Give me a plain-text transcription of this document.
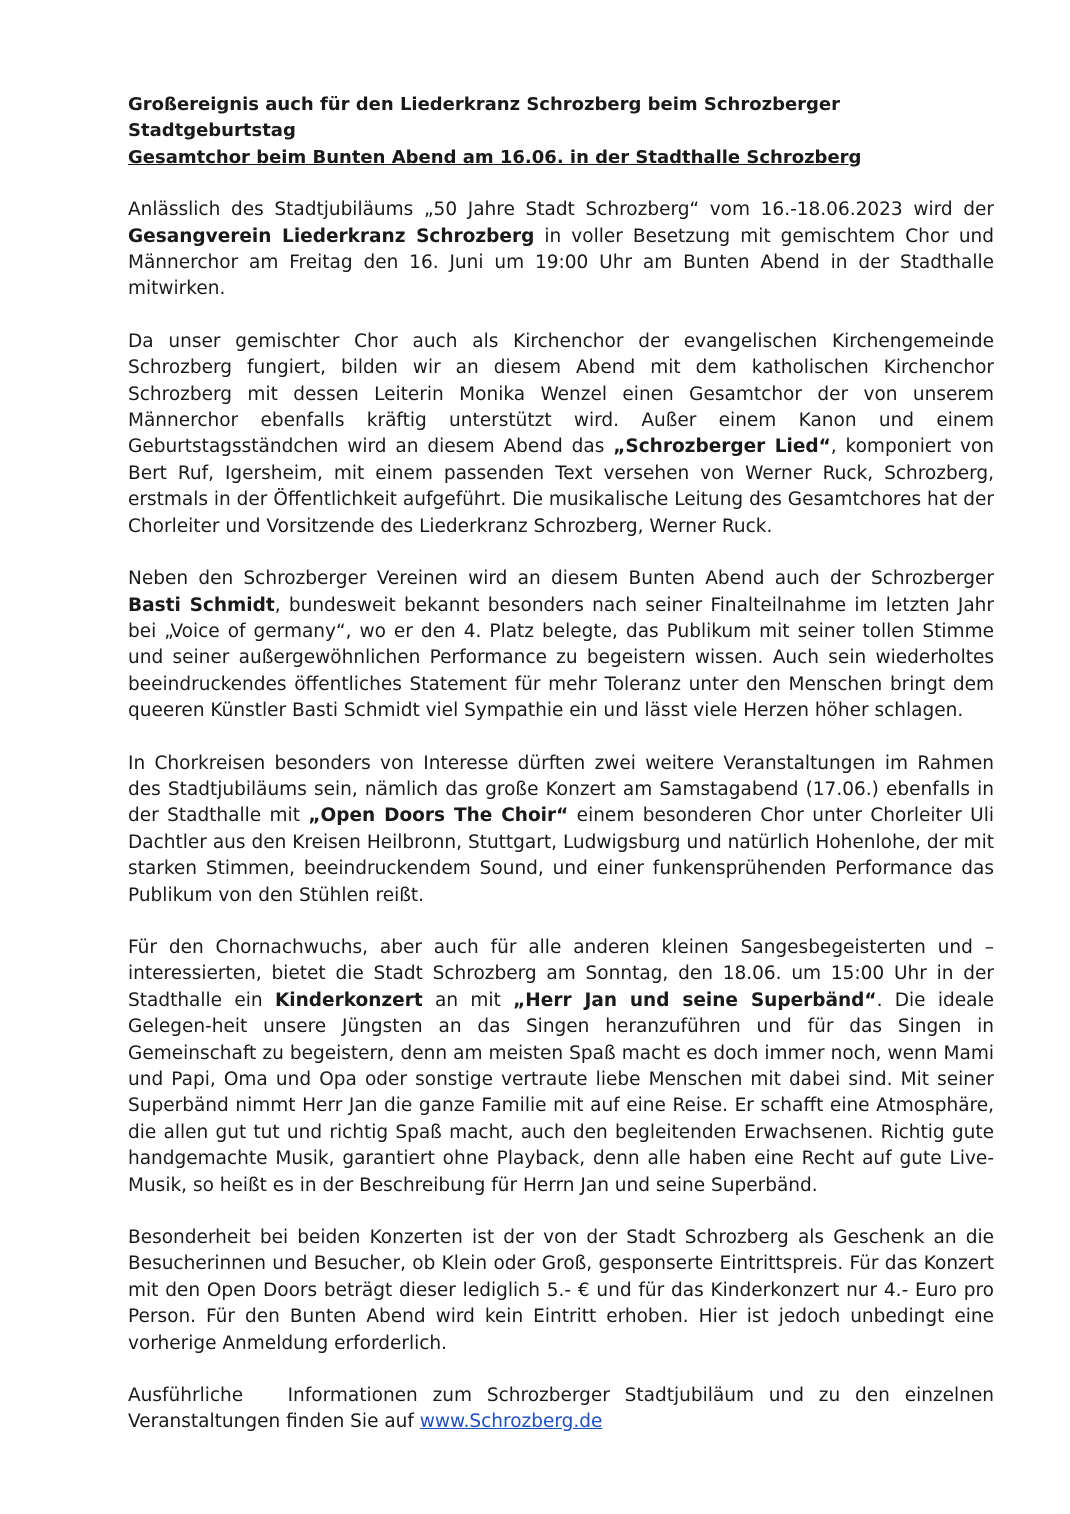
Großereignis auch für den Liederkranz Schrozberg beim Schrozberger Stadtgeburtstag

Gesamtchor beim Bunten Abend am 16.06. in der Stadthalle Schrozberg

Anlässlich des Stadtjubiläums „50 Jahre Stadt Schrozberg“ vom 16.-18.06.2023 wird der Gesangverein Liederkranz Schrozberg in voller Besetzung mit gemischtem Chor und Männerchor am Freitag den 16. Juni um 19:00 Uhr am Bunten Abend in der Stadthalle mitwirken.

Da unser gemischter Chor auch als Kirchenchor der evangelischen Kirchengemeinde Schrozberg fungiert, bilden wir an diesem Abend mit dem katholischen Kirchenchor Schrozberg mit dessen Leiterin Monika Wenzel einen Gesamtchor der von unserem Männerchor ebenfalls kräftig unterstützt wird. Außer einem Kanon und einem Geburtstagsständchen wird an diesem Abend das „Schrozberger Lied“, komponiert von Bert Ruf, Igersheim, mit einem passenden Text versehen von Werner Ruck, Schrozberg, erstmals in der Öffentlichkeit aufgeführt. Die musikalische Leitung des Gesamtchores hat der Chorleiter und Vorsitzende des Liederkranz Schrozberg, Werner Ruck.

Neben den Schrozberger Vereinen wird an diesem Bunten Abend auch der Schrozberger Basti Schmidt, bundesweit bekannt besonders nach seiner Finalteilnahme im letzten Jahr bei „Voice of germany“, wo er den 4. Platz belegte, das Publikum mit seiner tollen Stimme und seiner außergewöhnlichen Performance zu begeistern wissen. Auch sein wiederholtes beeindruckendes öffentliches Statement für mehr Toleranz unter den Menschen bringt dem queeren Künstler Basti Schmidt viel Sympathie ein und lässt viele Herzen höher schlagen.

In Chorkreisen besonders von Interesse dürften zwei weitere Veranstaltungen im Rahmen des Stadtjubiläums sein, nämlich das große Konzert am Samstagabend (17.06.) ebenfalls in der Stadthalle mit „Open Doors The Choir“ einem besonderen Chor unter Chorleiter Uli Dachtler aus den Kreisen Heilbronn, Stuttgart, Ludwigsburg und natürlich Hohenlohe, der mit starken Stimmen, beeindruckendem Sound, und einer funkensprühenden Performance das Publikum von den Stühlen reißt.

Für den Chornachwuchs, aber auch für alle anderen kleinen Sangesbegeisterten und –interessierten, bietet die Stadt Schrozberg am Sonntag, den 18.06. um 15:00 Uhr in der Stadthalle ein Kinderkonzert an mit „Herr Jan und seine Superbänd“. Die ideale Gelegen-heit unsere Jüngsten an das Singen heranzuführen und für das Singen in Gemeinschaft zu begeistern, denn am meisten Spaß macht es doch immer noch, wenn Mami und Papi, Oma und Opa oder sonstige vertraute liebe Menschen mit dabei sind. Mit seiner Superbänd nimmt Herr Jan die ganze Familie mit auf eine Reise. Er schafft eine Atmosphäre, die allen gut tut und richtig Spaß macht, auch den begleitenden Erwachsenen. Richtig gute handgemachte Musik, garantiert ohne Playback, denn alle haben eine Recht auf gute Live-Musik, so heißt es in der Beschreibung für Herrn Jan und seine Superbänd.

Besonderheit bei beiden Konzerten ist der von der Stadt Schrozberg als Geschenk an die Besucherinnen und Besucher, ob Klein oder Groß, gesponserte Eintrittspreis. Für das Konzert mit den Open Doors beträgt dieser lediglich 5.- € und für das Kinderkonzert nur 4.- Euro pro Person. Für den Bunten Abend wird kein Eintritt erhoben. Hier ist jedoch unbedingt eine vorherige Anmeldung erforderlich.

Ausführliche   Informationen zum Schrozberger Stadtjubiläum und zu den einzelnen Veranstaltungen finden Sie auf www.Schrozberg.de
